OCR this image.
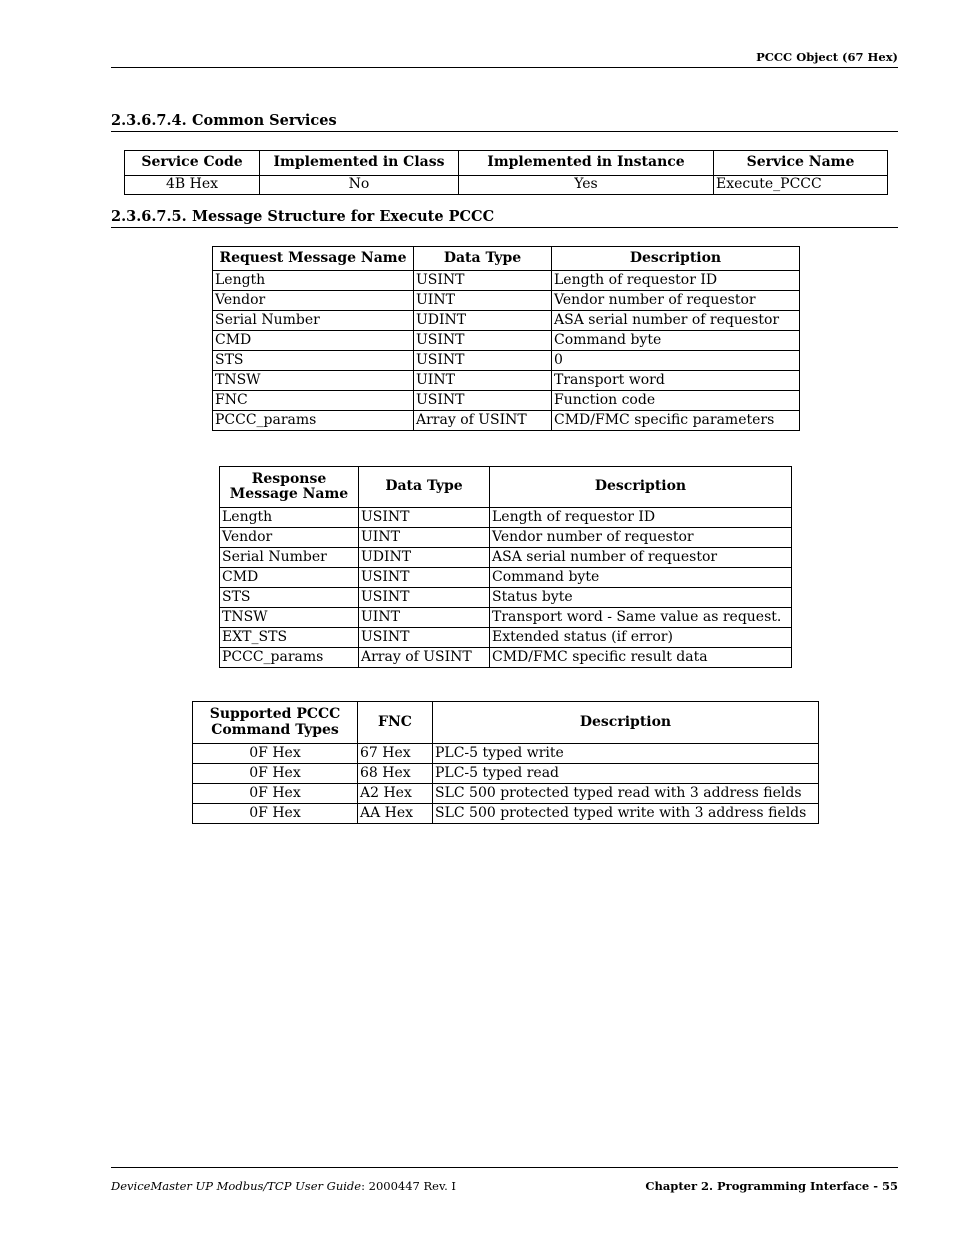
PCCC Object (67 Hex)
2.3.6.7.4. Common Services
Service Code	Implemented in Class	Implemented in Instance	Service Name
4B Hex	No	Yes	Execute_PCCC
2.3.6.7.5. Message Structure for Execute PCCC
Request Message Name	Data Type	Description
Length	USINT	Length of requestor ID
Vendor	UINT	Vendor number of requestor
Serial Number	UDINT	ASA serial number of requestor
CMD	USINT	Command byte
STS	USINT	0
TNSW	UINT	Transport word
FNC	USINT	Function code
PCCC_params	Array of USINT	CMD/FMC specific parameters
Response Message Name	Data Type	Description
Length	USINT	Length of requestor ID
Vendor	UINT	Vendor number of requestor
Serial Number	UDINT	ASA serial number of requestor
CMD	USINT	Command byte
STS	USINT	Status byte
TNSW	UINT	Transport word - Same value as request.
EXT_STS	USINT	Extended status (if error)
PCCC_params	Array of USINT	CMD/FMC specific result data
Supported PCCC Command Types	FNC	Description
0F Hex	67 Hex	PLC-5 typed write
0F Hex	68 Hex	PLC-5 typed read
0F Hex	A2 Hex	SLC 500 protected typed read with 3 address fields
0F Hex	AA Hex	SLC 500 protected typed write with 3 address fields
DeviceMaster UP Modbus/TCP User Guide: 2000447 Rev. I	Chapter 2. Programming Interface - 55
